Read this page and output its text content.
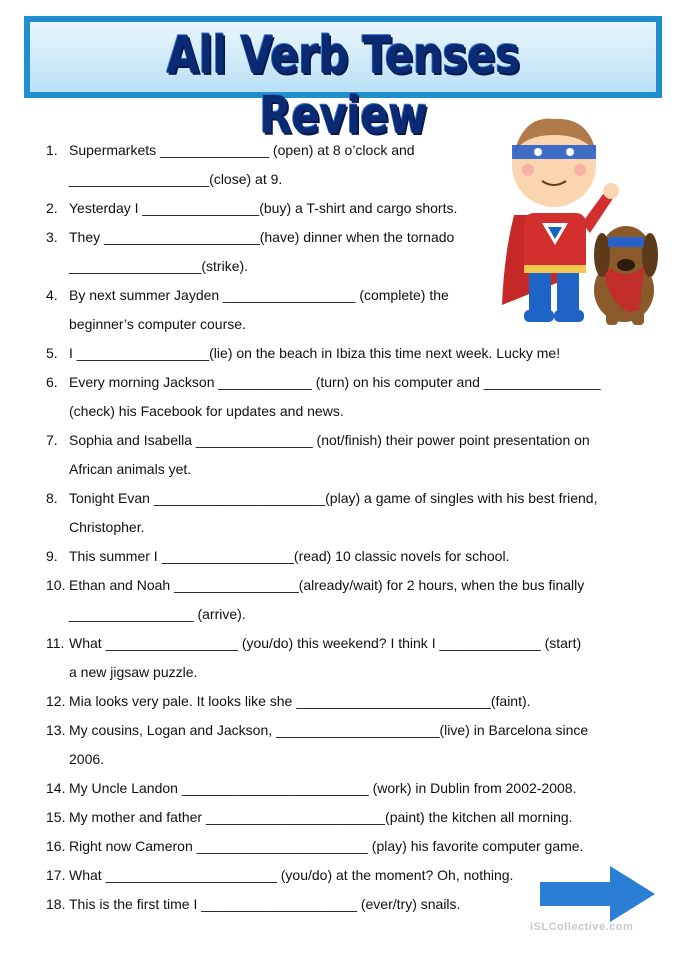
All Verb Tenses Review
1. Supermarkets ______________ (open) at 8 o’clock and
__________________(close) at 9.
2. Yesterday I _______________(buy) a T-shirt and cargo shorts.
3. They ____________________(have) dinner when the tornado
_________________(strike).
4. By next summer Jayden _________________ (complete) the
beginner’s computer course.
5. I _________________(lie) on the beach in Ibiza this time next week. Lucky me!
6. Every morning Jackson ____________ (turn) on his computer and _______________
(check) his Facebook for updates and news.
7. Sophia and Isabella _______________ (not/finish) their power point presentation on
African animals yet.
8. Tonight Evan ______________________(play) a game of singles with his best friend,
Christopher.
9. This summer I _________________(read) 10 classic novels for school.
10. Ethan and Noah ________________(already/wait) for 2 hours, when the bus finally
________________ (arrive).
11. What _________________ (you/do) this weekend? I think I _____________ (start)
a new jigsaw puzzle.
12. Mia looks very pale. It looks like she _________________________(faint).
13. My cousins, Logan and Jackson, _____________________(live) in Barcelona since
2006.
14. My Uncle Landon ________________________ (work) in Dublin from 2002-2008.
15. My mother and father _______________________(paint) the kitchen all morning.
16. Right now Cameron ______________________ (play) his favorite computer game.
17. What ______________________ (you/do) at the moment? Oh, nothing.
18. This is the first time I ____________________ (ever/try) snails.
iSLCollective.com
